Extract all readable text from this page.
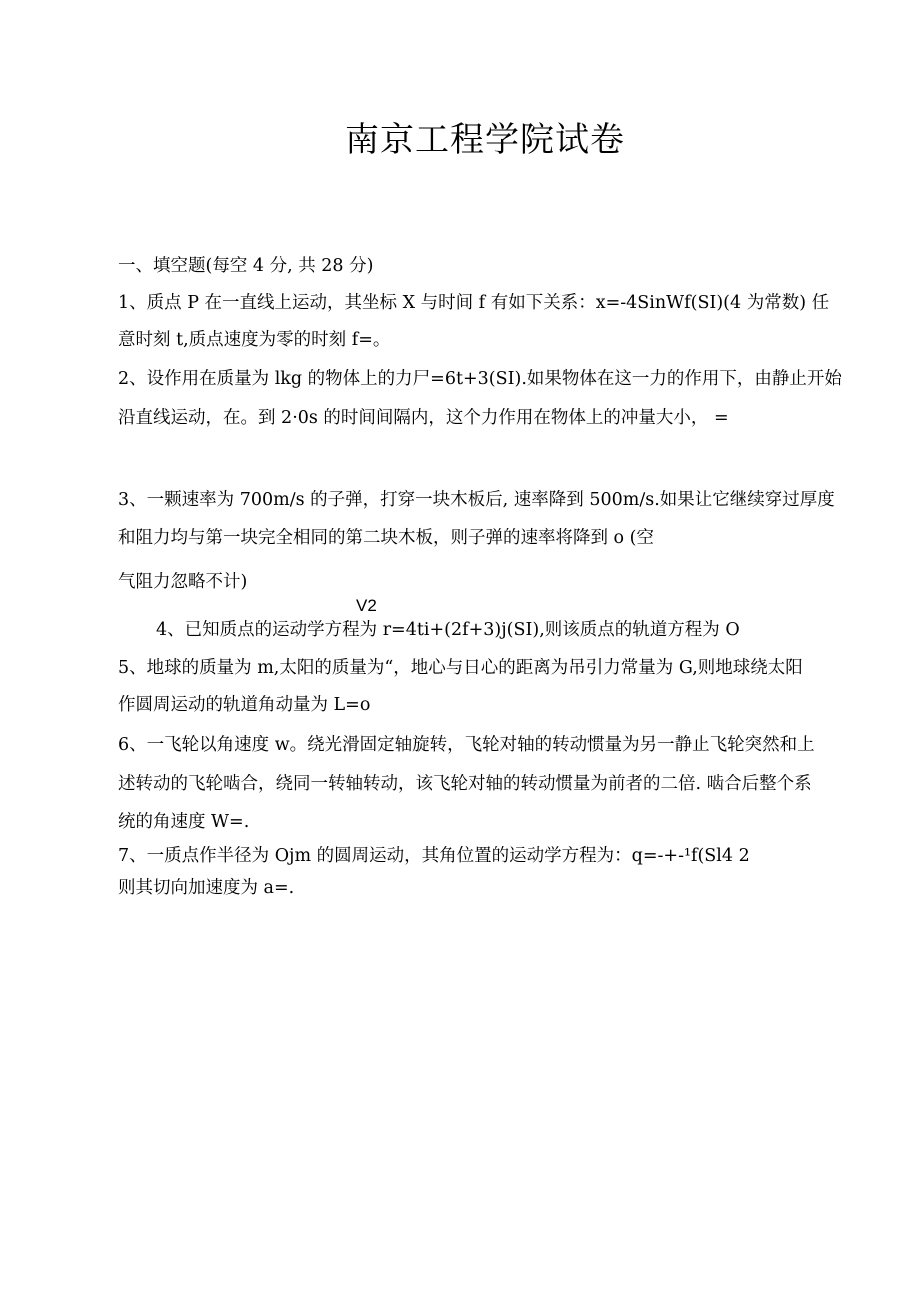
南京工程学院试卷
一、填空题(每空 4 分, 共 28 分)
1、质点 P 在一直线上运动，其坐标 X 与时间 f 有如下关系：x=-4SinWf(SI)(4 为常数) 任
意时刻 t,质点速度为零的时刻 f=。
2、设作用在质量为 lkg 的物体上的力尸=6t+3(SI).如果物体在这一力的作用下，由静止开始
沿直线运动，在。到 2·0s 的时间间隔内，这个力作用在物体上的冲量大小， =
3、一颗速率为 700m∕s 的子弹，打穿一块木板后, 速率降到 500m∕s.如果让它继续穿过厚度
和阻力均与第一块完全相同的第二块木板，则子弹的速率将降到 o (空
气阻力忽略不计)
V2
4、已知质点的运动学方程为 r=4ti+(2f+3)j(SI),则该质点的轨道方程为 O
5、地球的质量为 m,太阳的质量为“，地心与日心的距离为吊引力常量为 G,则地球绕太阳
作圆周运动的轨道角动量为 L=o
6、一飞轮以角速度 w。绕光滑固定轴旋转，飞轮对轴的转动惯量为另一静止飞轮突然和上
述转动的飞轮啮合，绕同一转轴转动，该飞轮对轴的转动惯量为前者的二倍. 啮合后整个系
统的角速度 W=.
7、一质点作半径为 Ojm 的圆周运动，其角位置的运动学方程为：q=-+-¹f(Sl4 2
则其切向加速度为 a=.
